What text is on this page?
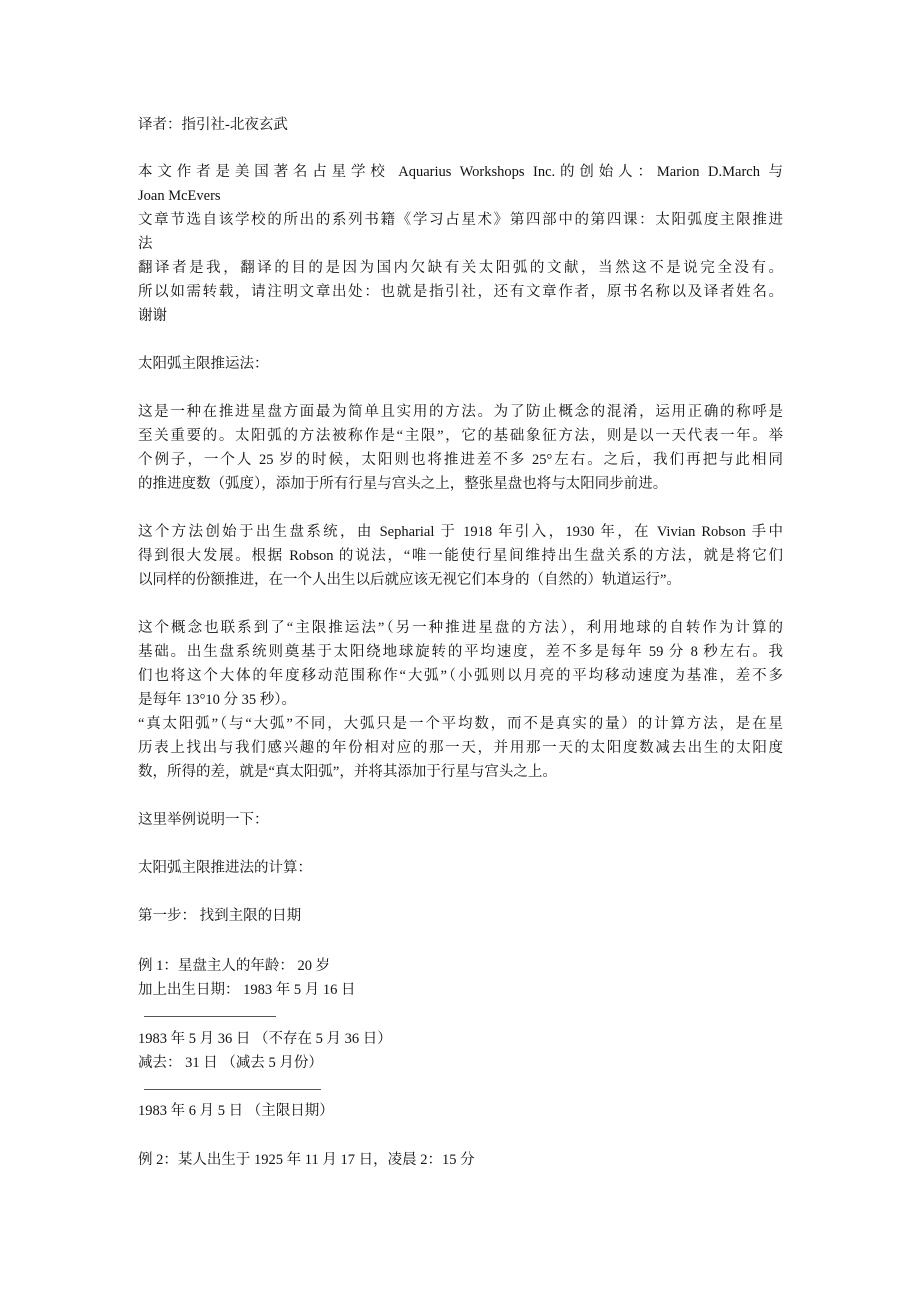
译者：指引社-北夜玄武
本文作者是美国著名占星学校 Aquarius Workshops Inc.的创始人：Marion D.March 与
Joan McEvers
文章节选自该学校的所出的系列书籍《学习占星术》第四部中的第四课：太阳弧度主限推进
法
翻译者是我，翻译的目的是因为国内欠缺有关太阳弧的文献，当然这不是说完全没有。
所以如需转载，请注明文章出处：也就是指引社，还有文章作者，原书名称以及译者姓名。
谢谢
太阳弧主限推运法：
这是一种在推进星盘方面最为简单且实用的方法。为了防止概念的混淆，运用正确的称呼是
至关重要的。太阳弧的方法被称作是“主限”，它的基础象征方法，则是以一天代表一年。举
个例子，一个人 25 岁的时候，太阳则也将推进差不多 25°左右。之后，我们再把与此相同
的推进度数（弧度），添加于所有行星与宫头之上，整张星盘也将与太阳同步前进。
这个方法创始于出生盘系统，由 Sepharial 于 1918 年引入，1930 年，在 Vivian Robson 手中
得到很大发展。根据 Robson 的说法，“唯一能使行星间维持出生盘关系的方法，就是将它们
以同样的份额推进，在一个人出生以后就应该无视它们本身的（自然的）轨道运行”。
这个概念也联系到了“主限推运法”（另一种推进星盘的方法），利用地球的自转作为计算的
基础。出生盘系统则奠基于太阳绕地球旋转的平均速度，差不多是每年 59 分 8 秒左右。我
们也将这个大体的年度移动范围称作“大弧”（小弧则以月亮的平均移动速度为基准，差不多
是每年 13°10 分 35 秒）。
“真太阳弧”（与“大弧”不同，大弧只是一个平均数，而不是真实的量）的计算方法，是在星
历表上找出与我们感兴趣的年份相对应的那一天，并用那一天的太阳度数减去出生的太阳度
数，所得的差，就是“真太阳弧”，并将其添加于行星与宫头之上。
这里举例说明一下：
太阳弧主限推进法的计算：
第一步： 找到主限的日期
例 1：星盘主人的年龄： 20 岁
加上出生日期： 1983 年 5 月 16 日
1983 年 5 月 36 日 （不存在 5 月 36 日）
减去： 31 日 （减去 5 月份）
1983 年 6 月 5 日 （主限日期）
例 2：某人出生于 1925 年 11 月 17 日，凌晨 2：15 分
